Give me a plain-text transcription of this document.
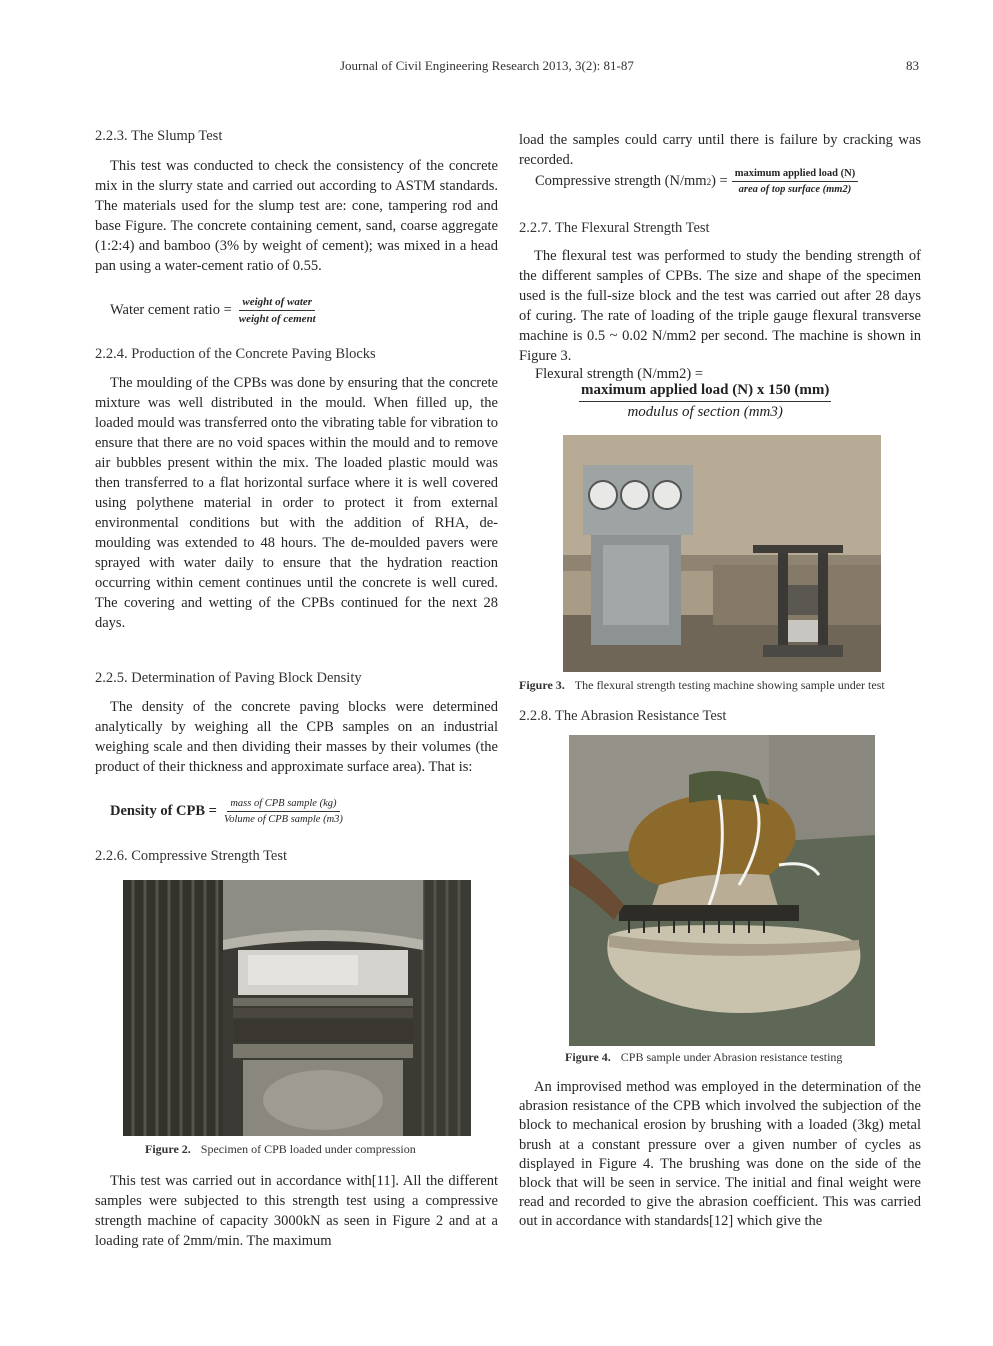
Journal of Civil Engineering Research 2013, 3(2): 81-87	83
2.2.3. The Slump Test
This test was conducted to check the consistency of the concrete mix in the slurry state and carried out according to ASTM standards. The materials used for the slump test are: cone, tampering rod and base Figure. The concrete containing cement, sand, coarse aggregate (1:2:4) and bamboo (3% by weight of cement); was mixed in a head pan using a water-cement ratio of 0.55.
Water cement ratio = $\frac{\text{weight of water}}{\text{weight of cement}}$
2.2.4. Production of the Concrete Paving Blocks
The moulding of the CPBs was done by ensuring that the concrete mixture was well distributed in the mould. When filled up, the loaded mould was transferred onto the vibrating table for vibration to ensure that there are no void spaces within the mould and to remove air bubbles present within the mix. The loaded plastic mould was then transferred to a flat horizontal surface where it is well covered using polythene material in order to protect it from external environmental conditions but with the addition of RHA, de-moulding was extended to 48 hours. The de-moulded pavers were sprayed with water daily to ensure that the hydration reaction occurring within cement continues until the concrete is well cured. The covering and wetting of the CPBs continued for the next 28 days.
2.2.5. Determination of Paving Block Density
The density of the concrete paving blocks were determined analytically by weighing all the CPB samples on an industrial weighing scale and then dividing their masses by their volumes (the product of their thickness and approximate surface area). That is:
Density of CPB = $\frac{\text{mass of CPB sample (kg)}}{\text{Volume of CPB sample (m3)}}$
2.2.6. Compressive Strength Test
Figure 2. Specimen of CPB loaded under compression
This test was carried out in accordance with[11]. All the different samples were subjected to this strength test using a compressive strength machine of capacity 3000kN as seen in Figure 2 and at a loading rate of 2mm/min. The maximum
load the samples could carry until there is failure by cracking was recorded.
Compressive strength (N/mm 2 ) = $\frac{\text{maximum applied load (N)}}{\text{area of top surface (mm2)}}$
2.2.7. The Flexural Strength Test
The flexural test was performed to study the bending strength of the different samples of CPBs. The size and shape of the specimen used is the full-size block and the test was carried out after 28 days of curing. The rate of loading of the triple gauge flexural transverse machine is 0.5 ~ 0.02 N/mm2 per second. The machine is shown in Figure 3.
Flexural strength (N/mm2) =
maximum applied load (N) x 150 (mm)
modulus of section (mm3)
Figure 3. The flexural strength testing machine showing sample under test
2.2.8. The Abrasion Resistance Test
Figure 4. CPB sample under Abrasion resistance testing
An improvised method was employed in the determination of the abrasion resistance of the CPB which involved the subjection of the block to mechanical erosion by brushing with a loaded (3kg) metal brush at a constant pressure over a given number of cycles as displayed in Figure 4. The brushing was done on the side of the block that will be seen in service. The initial and final weight were read and recorded to give the abrasion coefficient. This was carried out in accordance with standards[12] which give the
